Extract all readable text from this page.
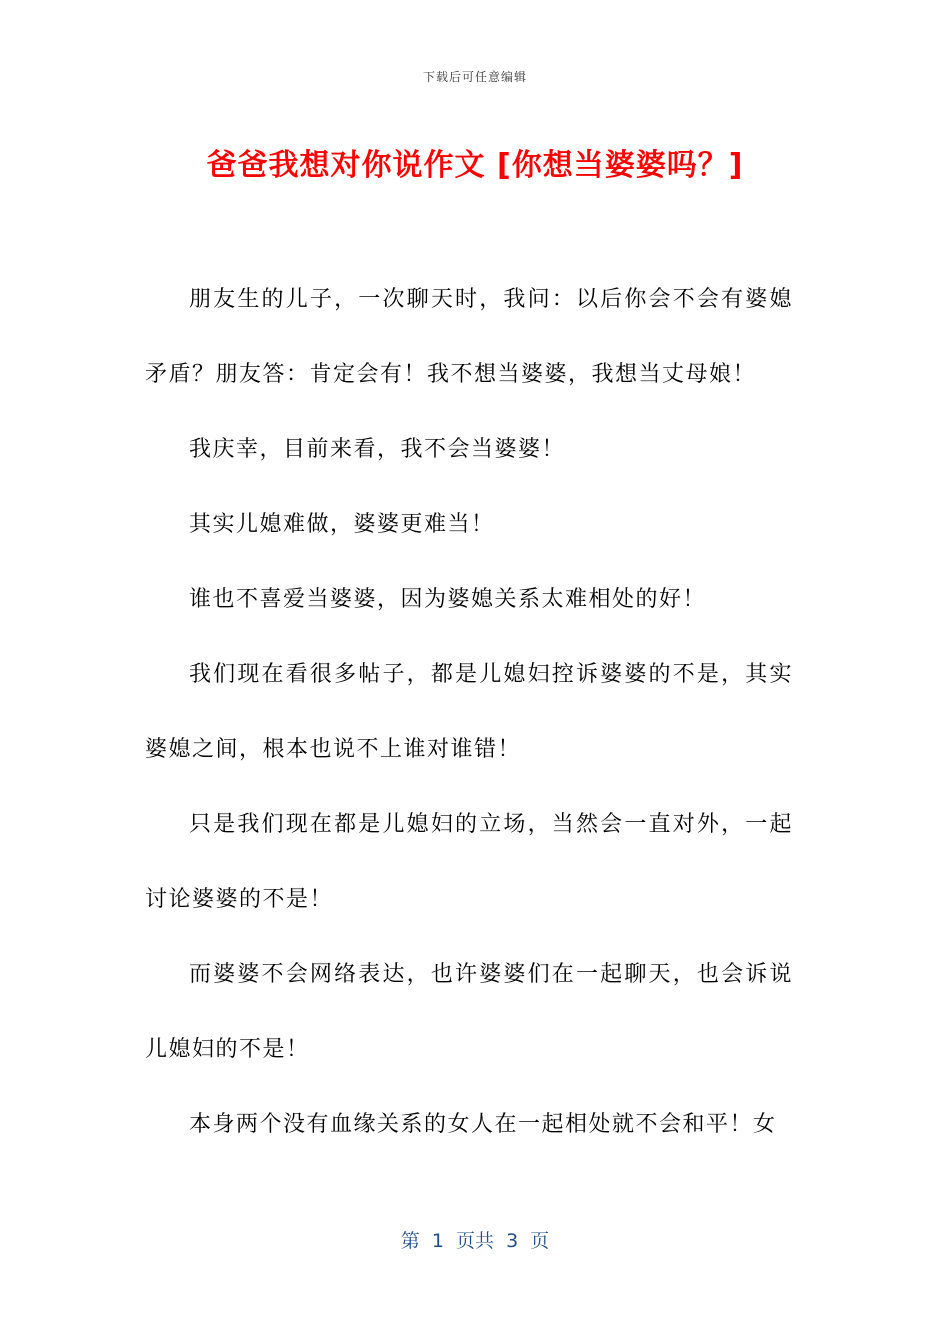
下载后可任意编辑
爸爸我想对你说作文 [你想当婆婆吗？]

朋友生的儿子，一次聊天时，我问：以后你会不会有婆媳矛盾？朋友答：肯定会有！我不想当婆婆，我想当丈母娘！

我庆幸，目前来看，我不会当婆婆！

其实儿媳难做，婆婆更难当！

谁也不喜爱当婆婆，因为婆媳关系太难相处的好！

我们现在看很多帖子，都是儿媳妇控诉婆婆的不是，其实婆媳之间，根本也说不上谁对谁错！

只是我们现在都是儿媳妇的立场，当然会一直对外，一起讨论婆婆的不是！

而婆婆不会网络表达，也许婆婆们在一起聊天，也会诉说儿媳妇的不是！

本身两个没有血缘关系的女人在一起相处就不会和平！女

第  1  页共  3  页
